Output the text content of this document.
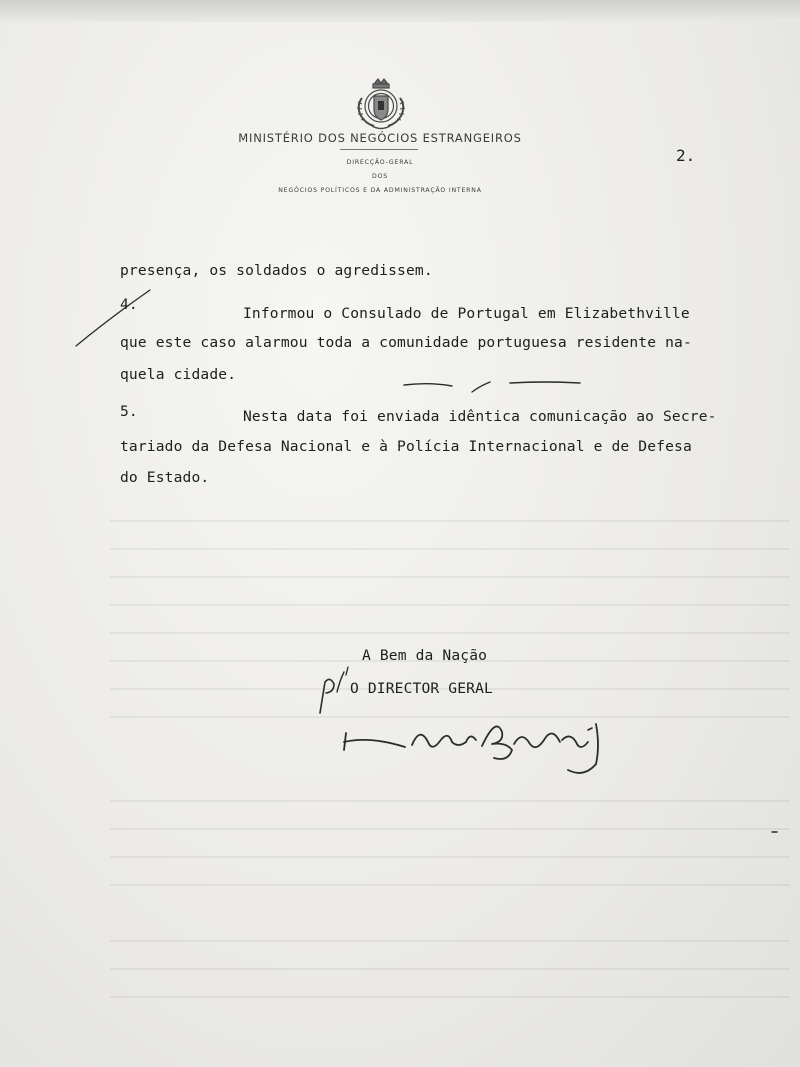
MINISTÉRIO DOS NEGÓCIOS ESTRANGEIROS
DIRECÇÃO-GERAL
DOS
NEGÓCIOS POLÍTICOS E DA ADMINISTRAÇÃO INTERNA
2.
presença, os soldados o agredissem.
4.
Informou o Consulado de Portugal em Elizabethville
que este caso alarmou toda a comunidade portuguesa residente na-
quela cidade.
5.	Nesta data foi enviada idêntica comunicação ao Secre-
tariado da Defesa Nacional e à Polícia Internacional e de Defesa
do Estado.
A Bem da Nação
O DIRECTOR GERAL
